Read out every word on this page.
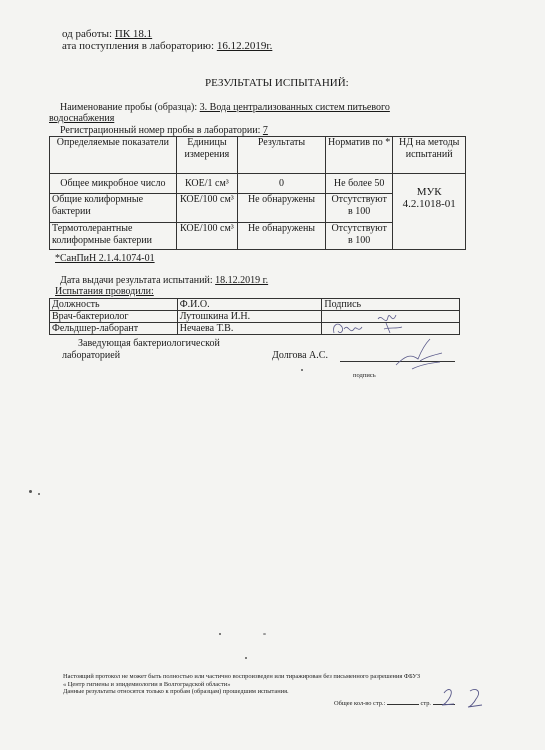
од работы: ПК 18.1
ата поступления в лабораторию: 16.12.2019г.
РЕЗУЛЬТАТЫ ИСПЫТАНИЙ:
Наименование пробы (образца): 3. Вода централизованных систем питьевого
водоснабжения
Регистрационный номер пробы в лаборатории: 7
Определяемые показатели	Единицы измерения	Результаты	Норматив по *	НД на методы испытаний
Общее микробное число	КОЕ/1 см³	0	Не более 50	МУК 4.2.1018-01
Общие колиформные бактерии	КОЕ/100 см³	Не обнаружены	Отсутствуют в 100	
Термотолерантные колиформные бактерии	КОЕ/100 см³	Не обнаружены	Отсутствуют в 100	
*СанПиН 2.1.4.1074-01
Дата выдачи результата испытаний: 18.12.2019 г.
Испытания проводили:
Должность	Ф.И.О.	Подпись
Врач-бактериолог	Лутошкина И.Н.	
Фельдшер-лаборант	Нечаева Т.В.	
Заведующая бактериологической
лабораторией	Долгова А.С.
подпись
Настоящий протокол не может быть полностью или частично воспроизведен или тиражирован без письменного разрешения ФБУЗ
« Центр гигиены и эпидемиологии в Волгоградской области»
Данные результаты относятся только к пробам (образцам) прошедшим испытания.
Общее кол-во стр.:	стр.
